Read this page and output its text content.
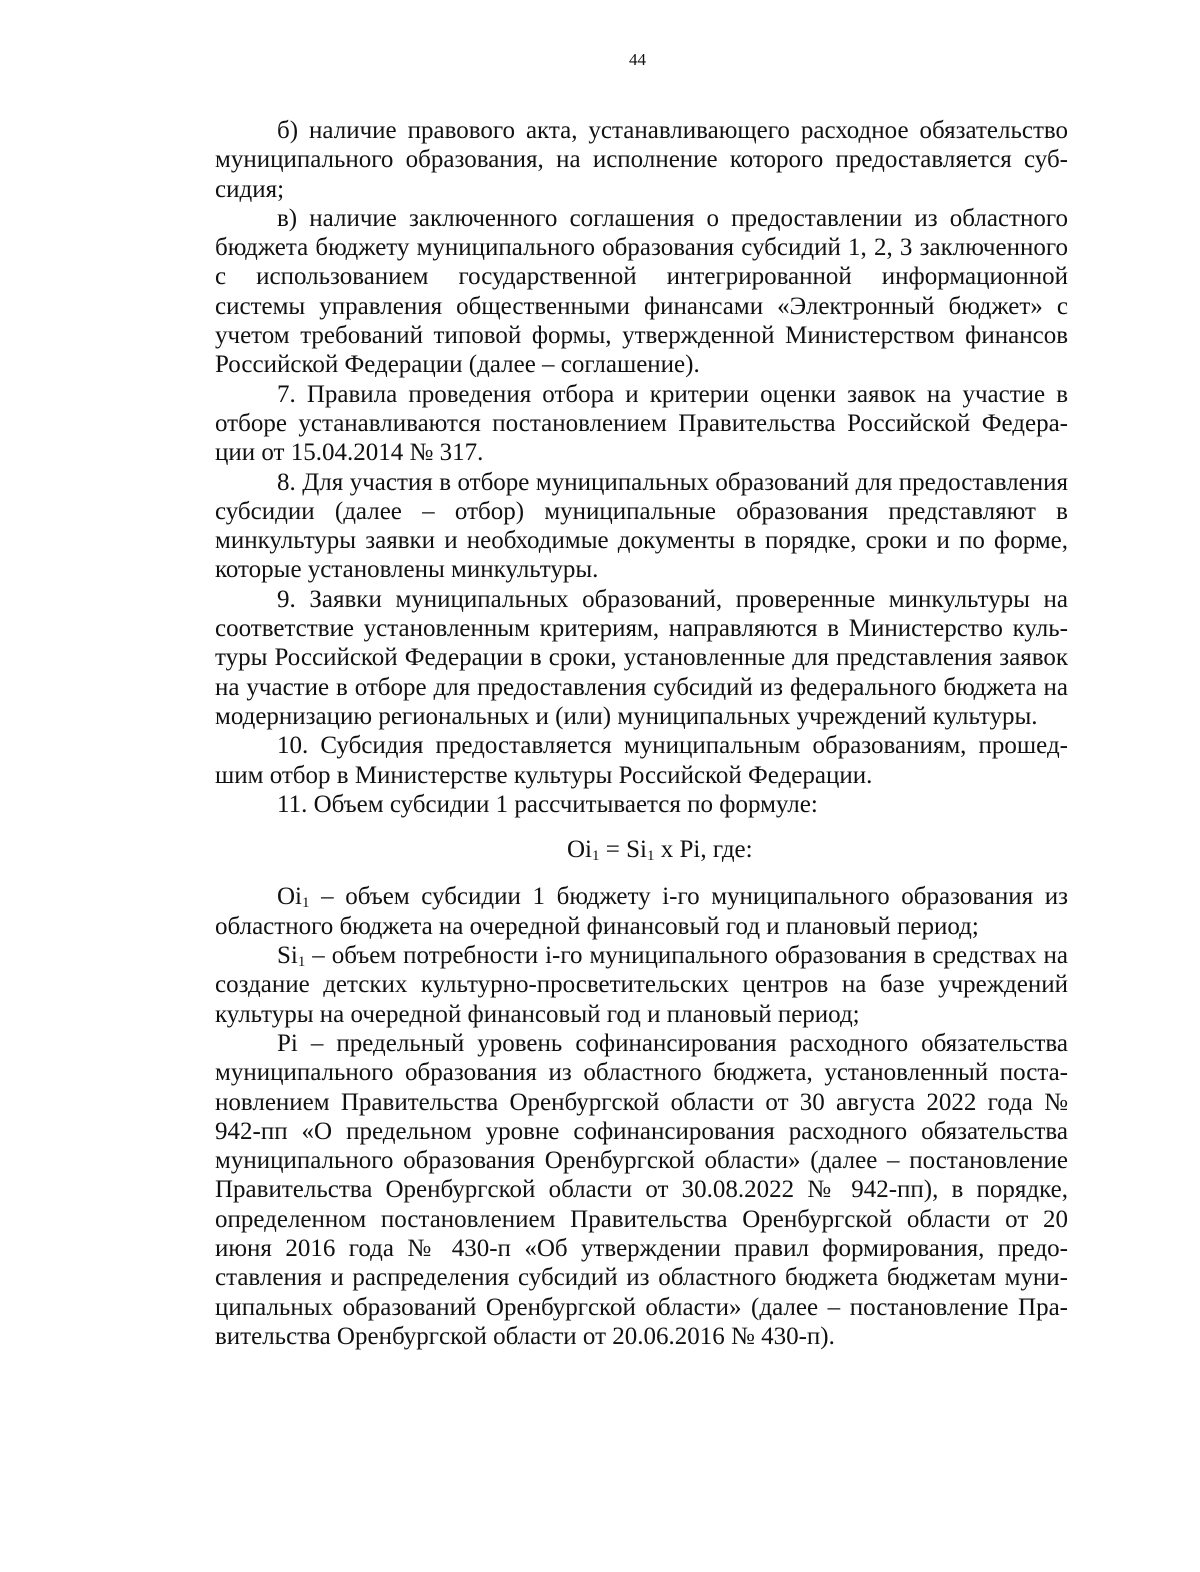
44

б) наличие правового акта, устанавливающего расходное обязательство муниципального образования, на исполнение которого предоставляется субсидия;

в) наличие заключенного соглашения о предоставлении из областного бюджета бюджету муниципального образования субсидий 1, 2, 3 заключенного с использованием государственной интегрированной информационной системы управления общественными финансами «Электронный бюджет» с учетом требований типовой формы, утвержденной Министерством финансов Российской Федерации (далее – соглашение).

7. Правила проведения отбора и критерии оценки заявок на участие в отборе устанавливаются постановлением Правительства Российской Федерации от 15.04.2014 № 317.

8. Для участия в отборе муниципальных образований для предоставления субсидии (далее – отбор) муниципальные образования представляют в минкультуры заявки и необходимые документы в порядке, сроки и по форме, которые установлены минкультуры.

9. Заявки муниципальных образований, проверенные минкультуры на соответствие установленным критериям, направляются в Министерство культуры Российской Федерации в сроки, установленные для представления заявок на участие в отборе для предоставления субсидий из федерального бюджета на модернизацию региональных и (или) муниципальных учреждений культуры.

10. Субсидия предоставляется муниципальным образованиям, прошедшим отбор в Министерстве культуры Российской Федерации.

11. Объем субсидии 1 рассчитывается по формуле:

$Oi_1 = Si_1$ x Pi, где:

$Oi_1$ – объем субсидии 1 бюджету i-го муниципального образования из областного бюджета на очередной финансовый год и плановый период;

$Si_1$ – объем потребности i-го муниципального образования в средствах на создание детских культурно-просветительских центров на базе учреждений культуры на очередной финансовый год и плановый период;

Pi – предельный уровень софинансирования расходного обязательства муниципального образования из областного бюджета, установленный постановлением Правительства Оренбургской области от 30 августа 2022 года № 942-пп «О предельном уровне софинансирования расходного обязательства муниципального образования Оренбургской области» (далее – постановление Правительства Оренбургской области от 30.08.2022 № 942-пп), в порядке, определенном постановлением Правительства Оренбургской области от 20 июня 2016 года № 430-п «Об утверждении правил формирования, предоставления и распределения субсидий из областного бюджета бюджетам муниципальных образований Оренбургской области» (далее – постановление Правительства Оренбургской области от 20.06.2016 № 430-п).
